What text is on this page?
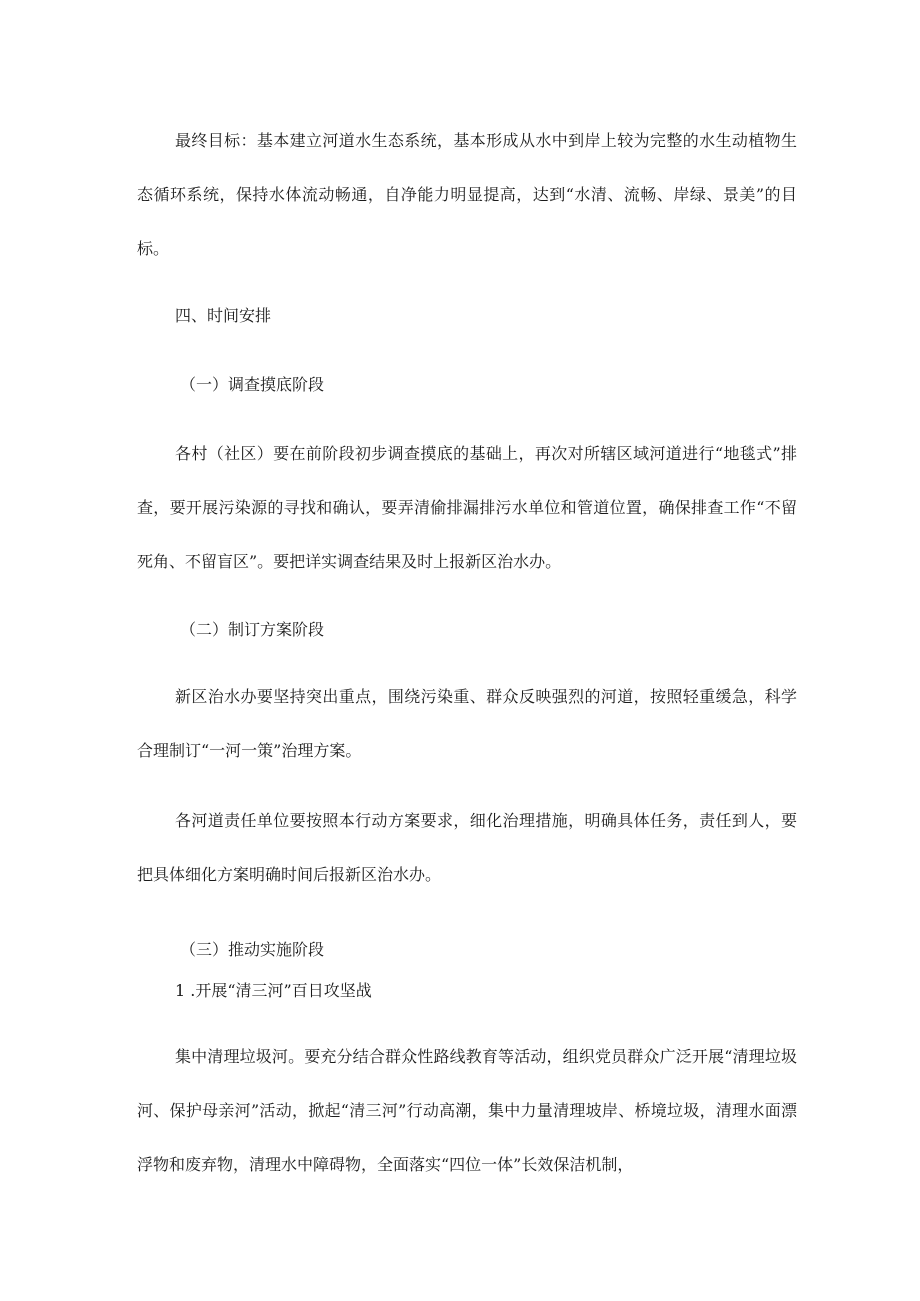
最终目标：基本建立河道水生态系统，基本形成从水中到岸上较为完整的水生动植物生态循环系统，保持水体流动畅通，自净能力明显提高，达到“水清、流畅、岸绿、景美”的目标。

四、时间安排

（一）调查摸底阶段

各村（社区）要在前阶段初步调查摸底的基础上，再次对所辖区域河道进行“地毯式”排查，要开展污染源的寻找和确认，要弄清偷排漏排污水单位和管道位置，确保排查工作“不留死角、不留盲区”。要把详实调查结果及时上报新区治水办。

（二）制订方案阶段

新区治水办要坚持突出重点，围绕污染重、群众反映强烈的河道，按照轻重缓急，科学合理制订“一河一策”治理方案。

各河道责任单位要按照本行动方案要求，细化治理措施，明确具体任务，责任到人，要把具体细化方案明确时间后报新区治水办。

（三）推动实施阶段

1 .开展“清三河”百日攻坚战

集中清理垃圾河。要充分结合群众性路线教育等活动，组织党员群众广泛开展“清理垃圾河、保护母亲河”活动，掀起“清三河”行动高潮，集中力量清理坡岸、桥境垃圾，清理水面漂浮物和废弃物，清理水中障碍物，全面落实“四位一体”长效保洁机制，
